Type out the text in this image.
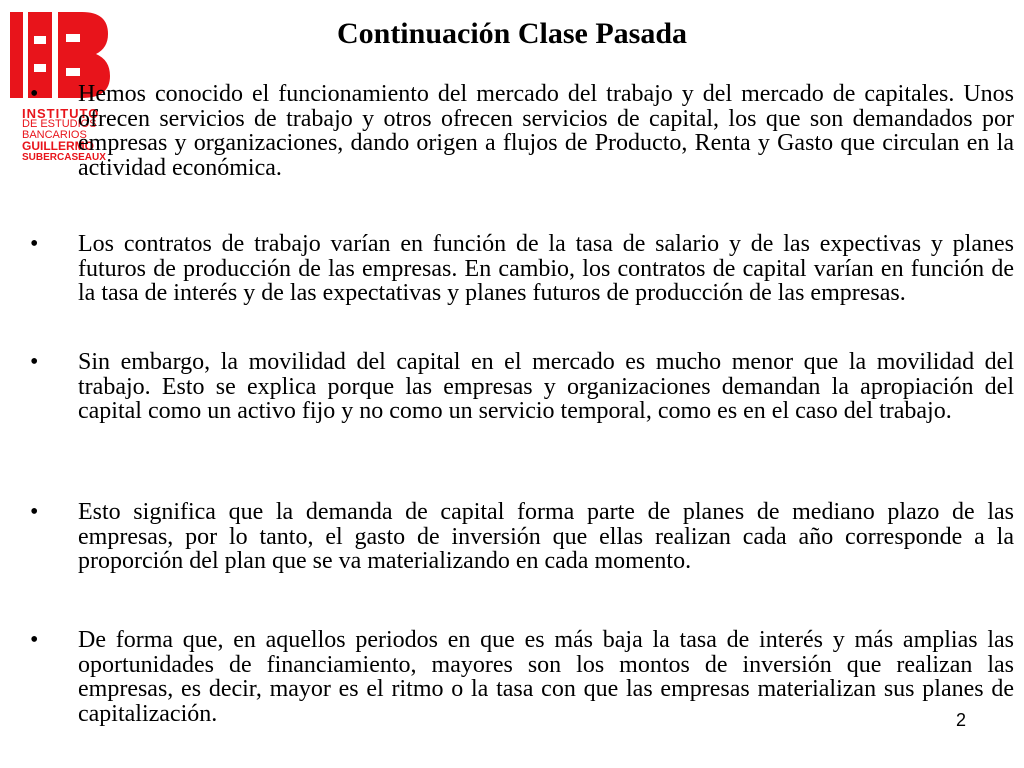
INSTITUTO
DE ESTUDIOS
BANCARIOS
GUILLERMO
SUBERCASEAUX
Continuación Clase Pasada
• Hemos conocido el funcionamiento del mercado del trabajo y del mercado de capitales. Unos ofrecen servicios de trabajo y otros ofrecen servicios de capital, los que son demandados por empresas y organizaciones, dando origen a flujos de Producto, Renta y Gasto que circulan en la actividad económica.
• Los contratos de trabajo varían en función de la tasa de salario y de las expectivas y planes futuros de producción de las empresas. En cambio, los contratos de capital varían en función de la tasa de interés y de las expectativas y planes futuros de producción de las empresas.
• Sin embargo, la movilidad del capital en el mercado es mucho menor que la movilidad del trabajo. Esto se explica porque las empresas y organizaciones demandan la apropiación del capital como un activo fijo y no como un servicio temporal, como es en el caso del trabajo.
• Esto significa que la demanda de capital forma parte de planes de mediano plazo de las empresas, por lo tanto, el gasto de inversión que ellas realizan cada año corresponde a la proporción del plan que se va materializando en cada momento.
• De forma que, en aquellos periodos en que es más baja la tasa de interés y más amplias las oportunidades de financiamiento, mayores son los montos de inversión que realizan las empresas, es decir, mayor es el ritmo o la tasa con que las empresas materializan sus planes de capitalización.	2
